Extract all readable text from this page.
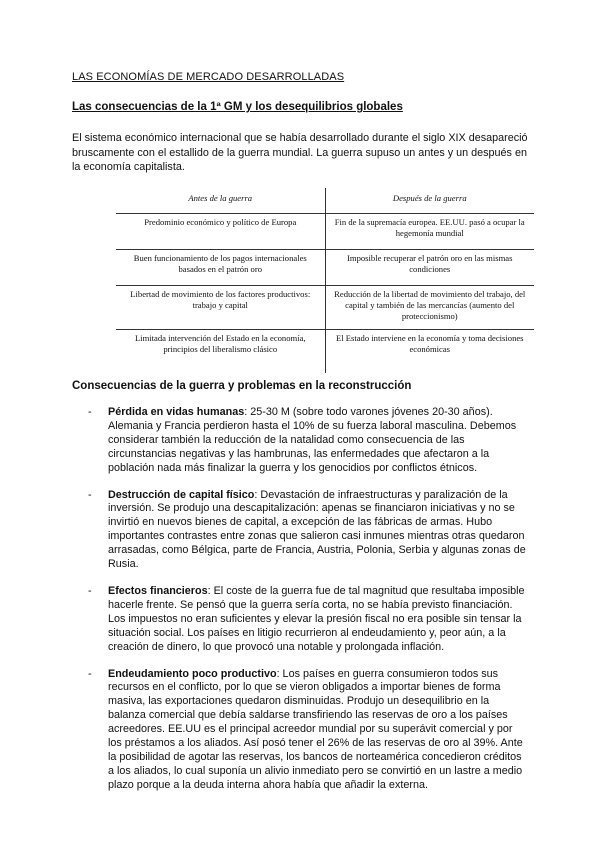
LAS ECONOMÍAS DE MERCADO DESARROLLADAS
Las consecuencias de la 1ª GM y los desequilibrios globales
El sistema económico internacional que se había desarrollado durante el siglo XIX desapareció bruscamente con el estallido de la guerra mundial. La guerra supuso un antes y un después en la economía capitalista.
Antes de la guerra	Después de la guerra
Predominio económico y político de Europa	Fin de la supremacía europea. EE.UU. pasó a ocupar la hegemonía mundial
Buen funcionamiento de los pagos internacionales basados en el patrón oro	Imposible recuperar el patrón oro en las mismas condiciones
Libertad de movimiento de los factores productivos: trabajo y capital	Reducción de la libertad de movimiento del trabajo, del capital y también de las mercancías (aumento del proteccionismo)
Limitada intervención del Estado en la economía, principios del liberalismo clásico	El Estado interviene en la economía y toma decisiones económicas
Consecuencias de la guerra y problemas en la reconstrucción
- Pérdida en vidas humanas: 25-30 M (sobre todo varones jóvenes 20-30 años). Alemania y Francia perdieron hasta el 10% de su fuerza laboral masculina. Debemos considerar también la reducción de la natalidad como consecuencia de las circunstancias negativas y las hambrunas, las enfermedades que afectaron a la población nada más finalizar la guerra y los genocidios por conflictos étnicos.
- Destrucción de capital físico: Devastación de infraestructuras y paralización de la inversión. Se produjo una descapitalización: apenas se financiaron iniciativas y no se invirtió en nuevos bienes de capital, a excepción de las fábricas de armas. Hubo importantes contrastes entre zonas que salieron casi inmunes mientras otras quedaron arrasadas, como Bélgica, parte de Francia, Austria, Polonia, Serbia y algunas zonas de Rusia.
- Efectos financieros: El coste de la guerra fue de tal magnitud que resultaba imposible hacerle frente. Se pensó que la guerra sería corta, no se había previsto financiación. Los impuestos no eran suficientes y elevar la presión fiscal no era posible sin tensar la situación social. Los países en litigio recurrieron al endeudamiento y, peor aún, a la creación de dinero, lo que provocó una notable y prolongada inflación.
- Endeudamiento poco productivo: Los países en guerra consumieron todos sus recursos en el conflicto, por lo que se vieron obligados a importar bienes de forma masiva, las exportaciones quedaron disminuidas. Produjo un desequilibrio en la balanza comercial que debía saldarse transfiriendo las reservas de oro a los países acreedores. EE.UU es el principal acreedor mundial por su superávit comercial y por los préstamos a los aliados. Así posó tener el 26% de las reservas de oro al 39%. Ante la posibilidad de agotar las reservas, los bancos de norteamérica concedieron créditos a los aliados, lo cual suponía un alivio inmediato pero se convirtió en un lastre a medio plazo porque a la deuda interna ahora había que añadir la externa.
